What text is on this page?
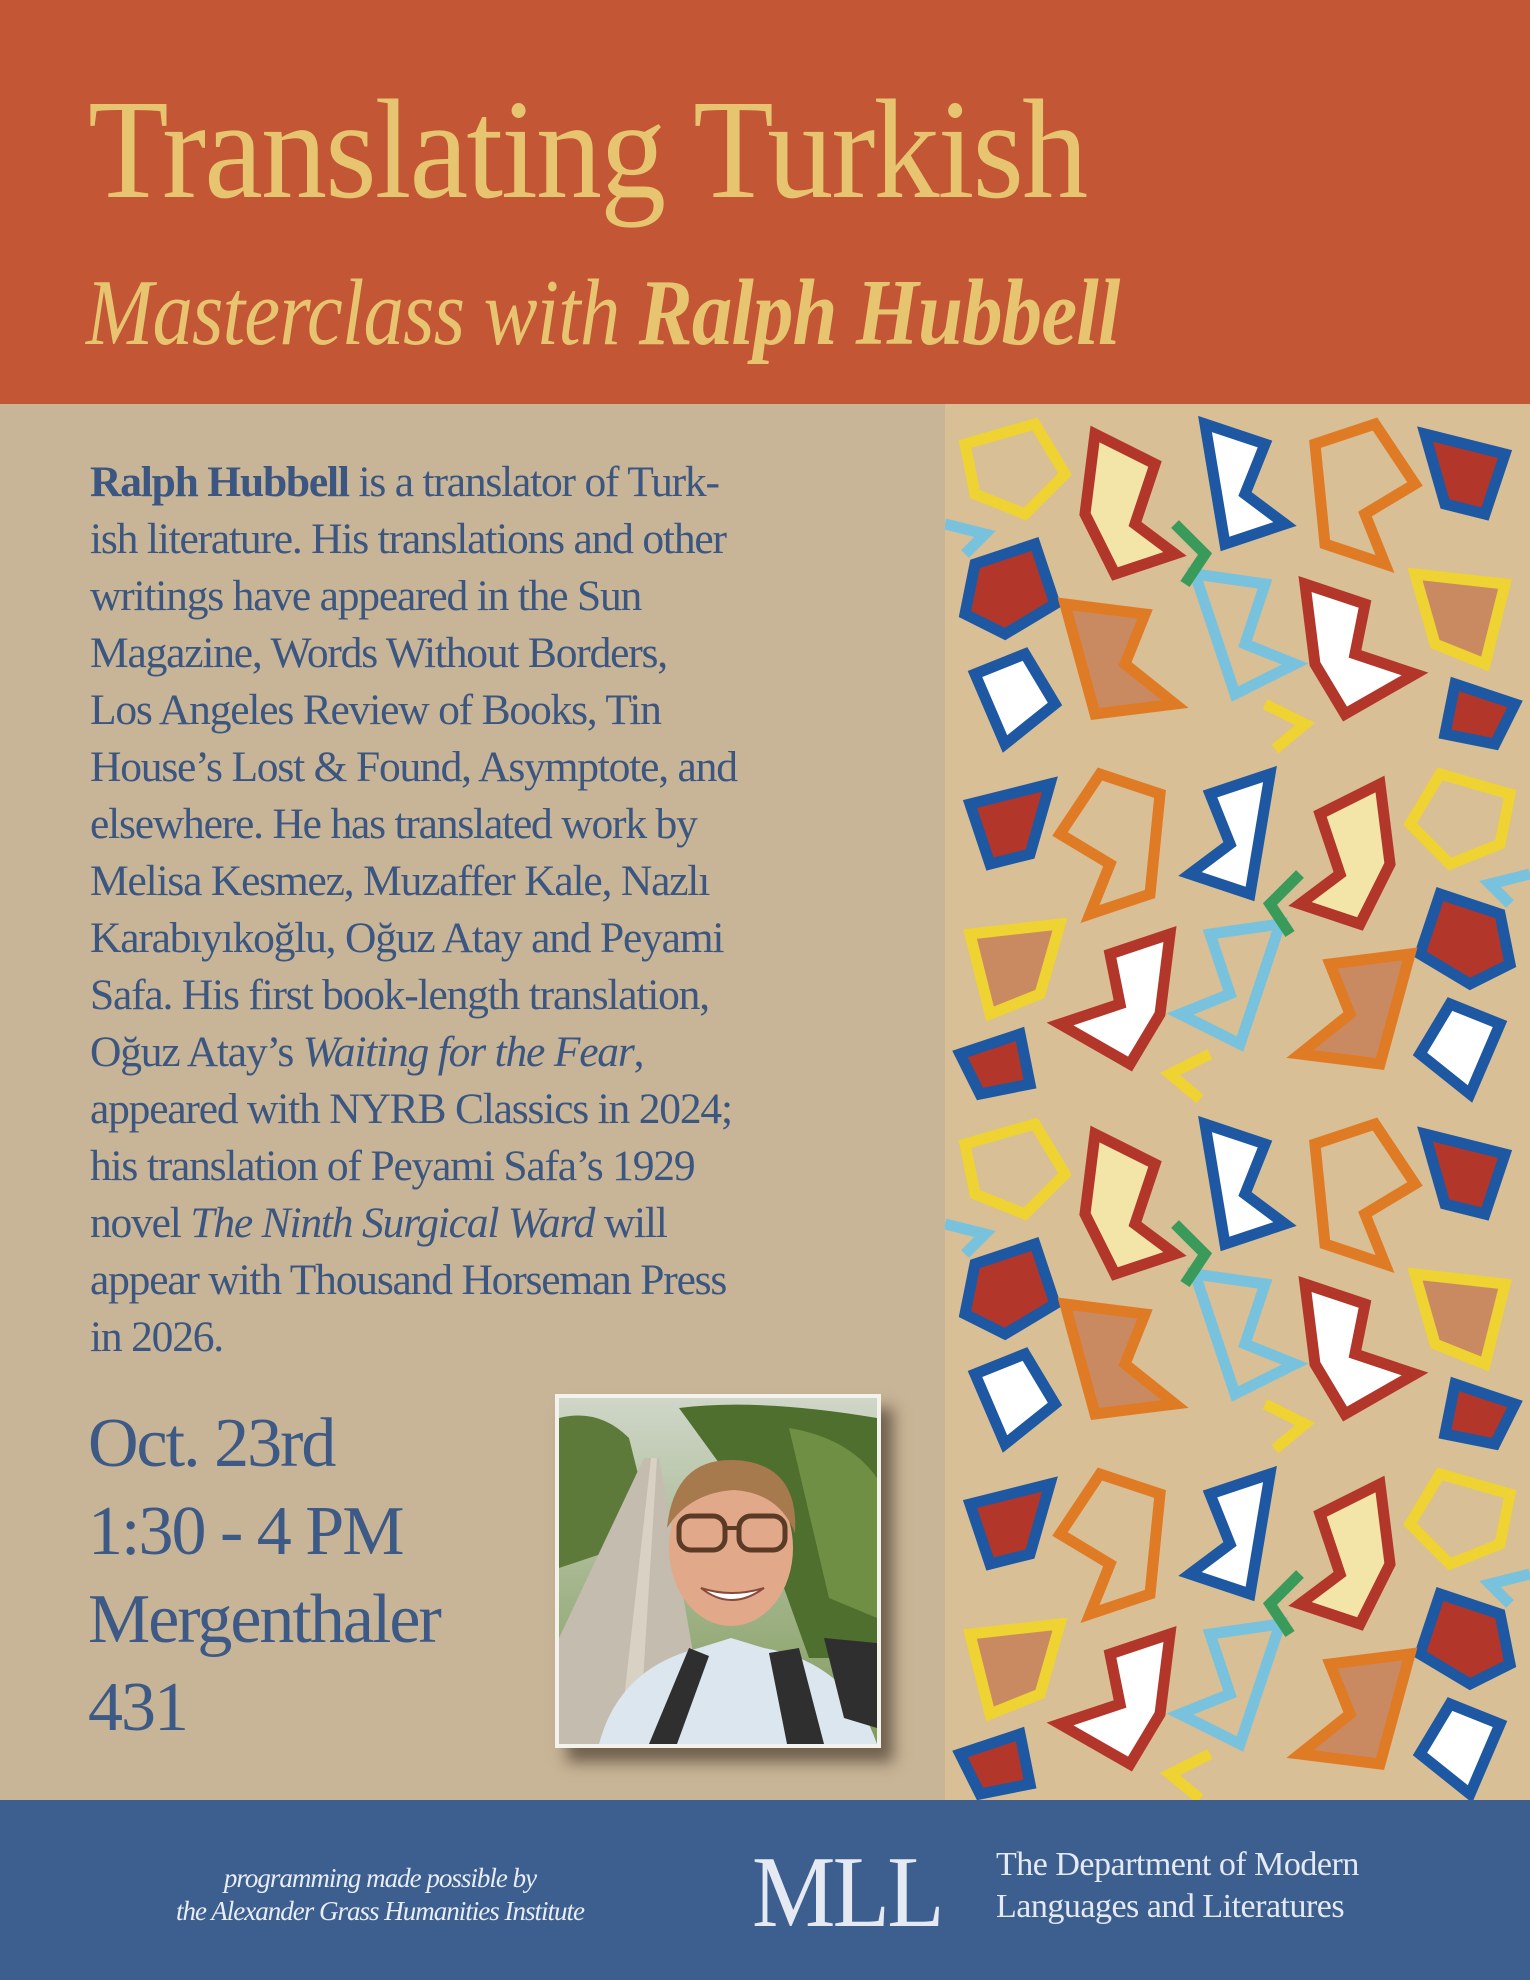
Translating Turkish
Masterclass with Ralph Hubbell

Ralph Hubbell is a translator of Turk-
ish literature. His translations and other
writings have appeared in the Sun
Magazine, Words Without Borders,
Los Angeles Review of Books, Tin
House’s Lost & Found, Asymptote, and
elsewhere. He has translated work by
Melisa Kesmez, Muzaffer Kale, Nazlı
Karabıyıkoğlu, Oğuz Atay and Peyami
Safa. His first book-length translation,
Oğuz Atay’s Waiting for the Fear,
appeared with NYRB Classics in 2024;
his translation of Peyami Safa’s 1929
novel The Ninth Surgical Ward will
appear with Thousand Horseman Press
in 2026.

Oct. 23rd
1:30 - 4 PM
Mergenthaler
431
programming made possible by
the Alexander Grass Humanities Institute	MLL The Department of Modern
Languages and Literatures
